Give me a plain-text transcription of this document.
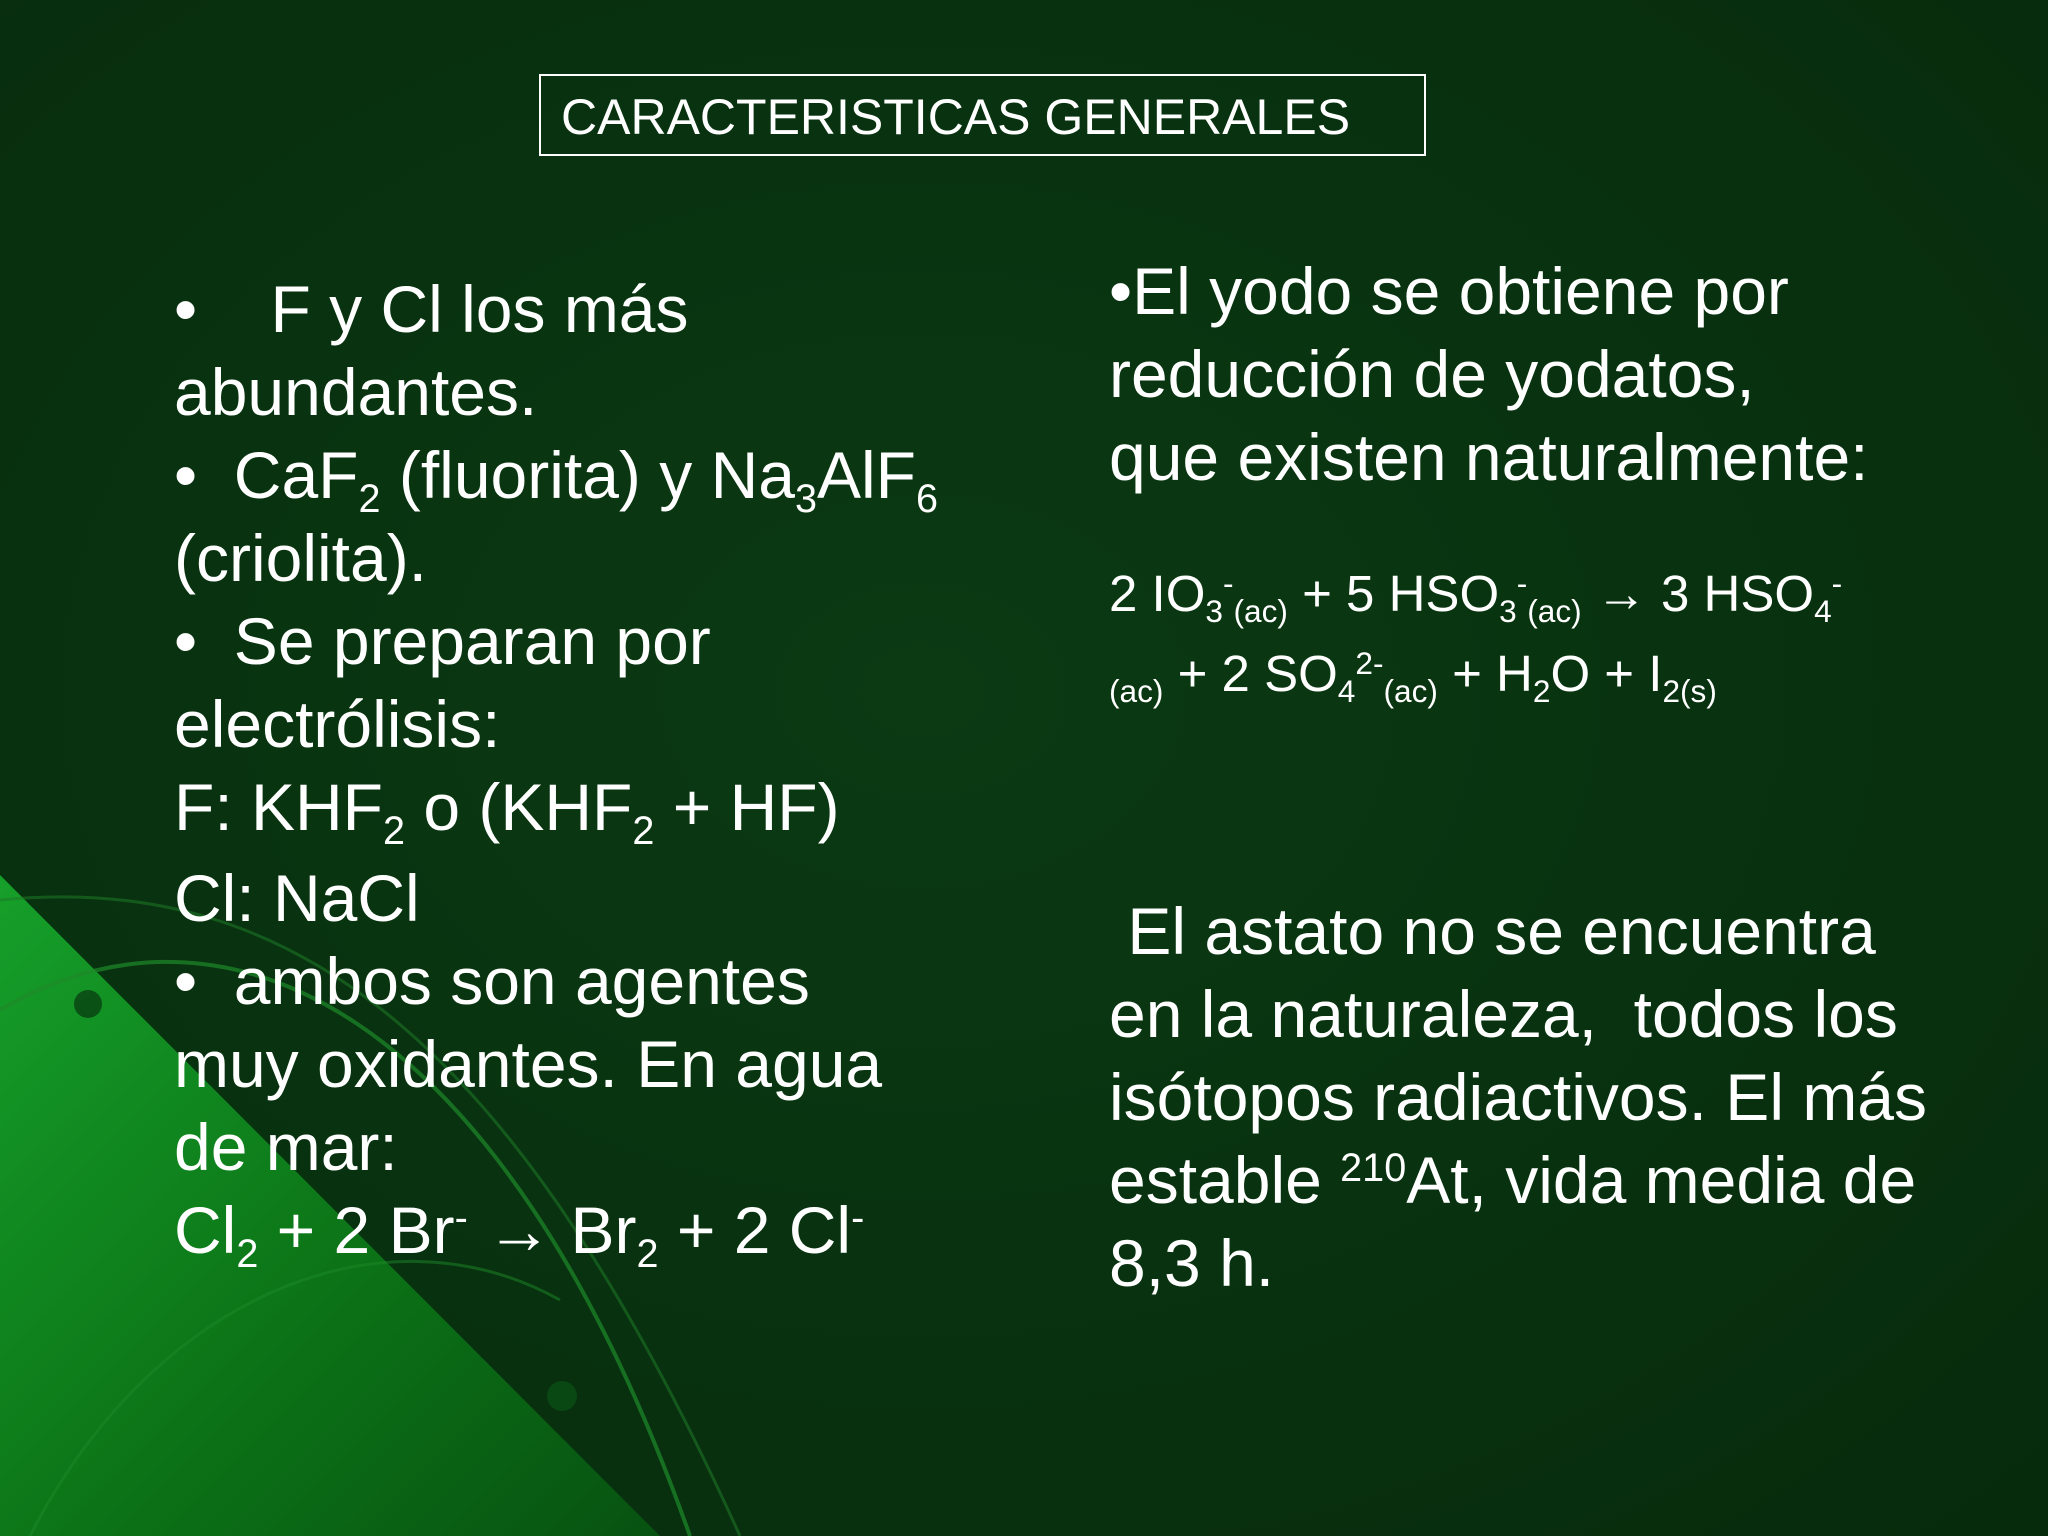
CARACTERISTICAS GENERALES
• F y Cl los más
abundantes.
• CaF$_2$ (fluorita) y $Na_3AlF_6$
(criolita).
• Se preparan por
electrólisis:
F: $KHF_2$ o $(KHF_2 + HF)$
Cl: NaCl
• ambos son agentes
muy oxidantes. En agua
de mar:
$Cl_2 + 2$ $Br^- \to Br_2 + 2$ Cl-
•El yodo se obtiene por
reducción de yodatos,
que existen naturalmente:
2 $IO_3^-_{(ac)} + 5$ $HSO_3^-_{(ac)} \to 3$ $HSO_4^-$
$_{(ac)}$ + 2 $SO_4^{2-}_{(ac)} + H_2O + I_{2(s)}$
El astato no se encuentra
en la naturaleza,  todos los
isótopos radiactivos. El más
estable $^{210}$At, vida media de
8,3 h.
